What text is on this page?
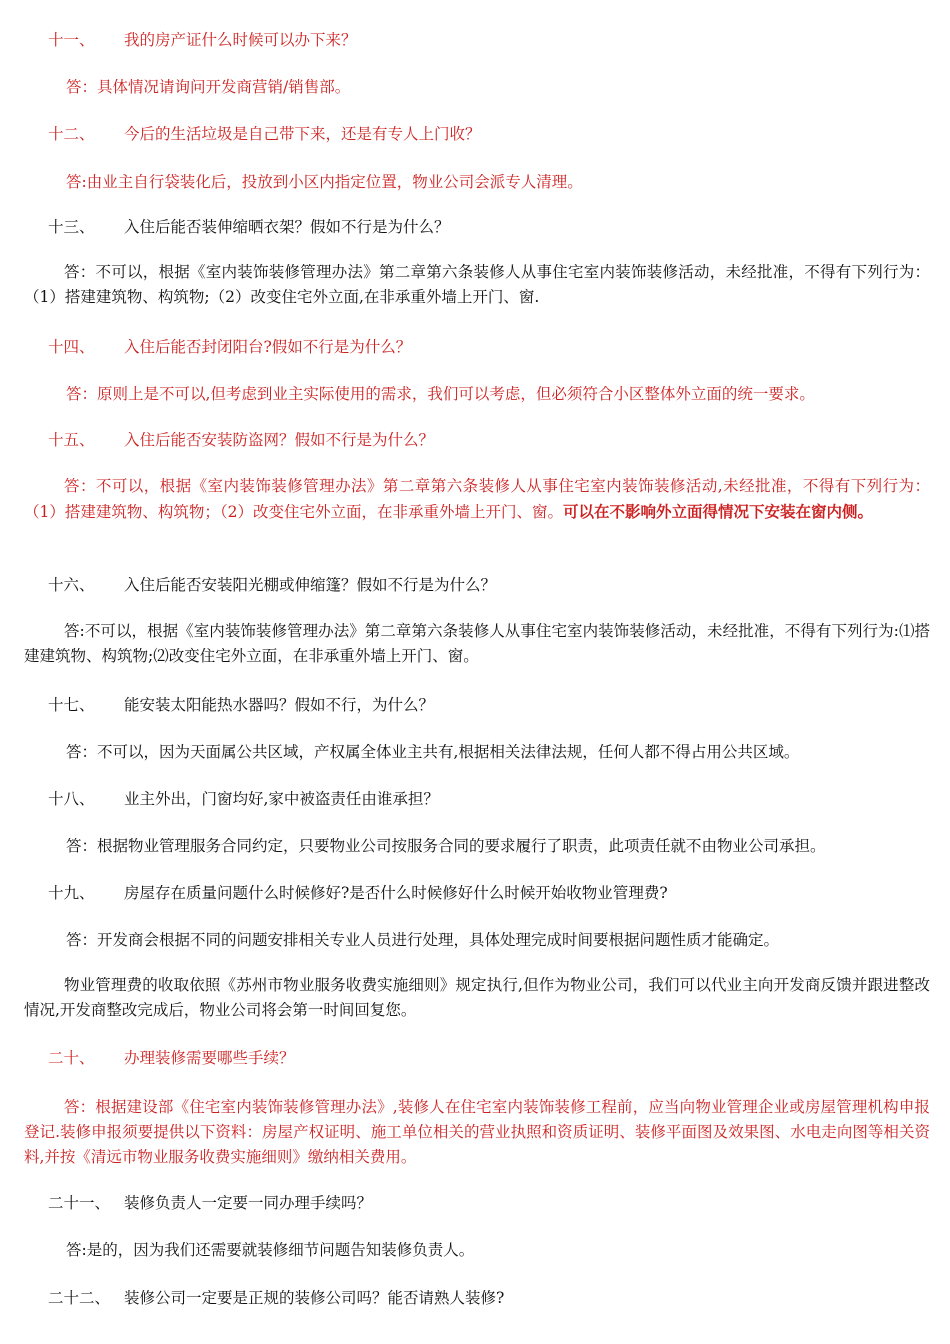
十一、 我的房产证什么时候可以办下来？
答：具体情况请询问开发商营销/销售部。
十二、 今后的生活垃圾是自己带下来，还是有专人上门收？
答:由业主自行袋装化后，投放到小区内指定位置，物业公司会派专人清理。
十三、 入住后能否装伸缩晒衣架？假如不行是为什么？
答：不可以，根据《室内装饰装修管理办法》第二章第六条装修人从事住宅室内装饰装修活动，未经批准，不得有下列行为：（1）搭建建筑物、构筑物;（2）改变住宅外立面,在非承重外墙上开门、窗.
十四、 入住后能否封闭阳台?假如不行是为什么？
答：原则上是不可以,但考虑到业主实际使用的需求，我们可以考虑，但必须符合小区整体外立面的统一要求。
十五、 入住后能否安装防盗网？假如不行是为什么？
答：不可以，根据《室内装饰装修管理办法》第二章第六条装修人从事住宅室内装饰装修活动,未经批准，不得有下列行为：（1）搭建建筑物、构筑物；（2）改变住宅外立面，在非承重外墙上开门、窗。可以在不影响外立面得情况下安装在窗内侧。
十六、 入住后能否安装阳光棚或伸缩篷？假如不行是为什么？
答:不可以，根据《室内装饰装修管理办法》第二章第六条装修人从事住宅室内装饰装修活动，未经批准，不得有下列行为:⑴搭建建筑物、构筑物;⑵改变住宅外立面，在非承重外墙上开门、窗。
十七、 能安装太阳能热水器吗？假如不行，为什么？
答：不可以，因为天面属公共区域，产权属全体业主共有,根据相关法律法规，任何人都不得占用公共区域。
十八、 业主外出，门窗均好,家中被盗责任由谁承担？
答：根据物业管理服务合同约定，只要物业公司按服务合同的要求履行了职责，此项责任就不由物业公司承担。
十九、 房屋存在质量问题什么时候修好?是否什么时候修好什么时候开始收物业管理费?
答：开发商会根据不同的问题安排相关专业人员进行处理，具体处理完成时间要根据问题性质才能确定。
物业管理费的收取依照《苏州市物业服务收费实施细则》规定执行,但作为物业公司，我们可以代业主向开发商反馈并跟进整改情况,开发商整改完成后，物业公司将会第一时间回复您。
二十、 办理装修需要哪些手续？
答：根据建设部《住宅室内装饰装修管理办法》,装修人在住宅室内装饰装修工程前，应当向物业管理企业或房屋管理机构申报登记.装修申报须要提供以下资料：房屋产权证明、施工单位相关的营业执照和资质证明、装修平面图及效果图、水电走向图等相关资料,并按《清远市物业服务收费实施细则》缴纳相关费用。
二十一、 装修负责人一定要一同办理手续吗？
答:是的，因为我们还需要就装修细节问题告知装修负责人。
二十二、 装修公司一定要是正规的装修公司吗？能否请熟人装修?
